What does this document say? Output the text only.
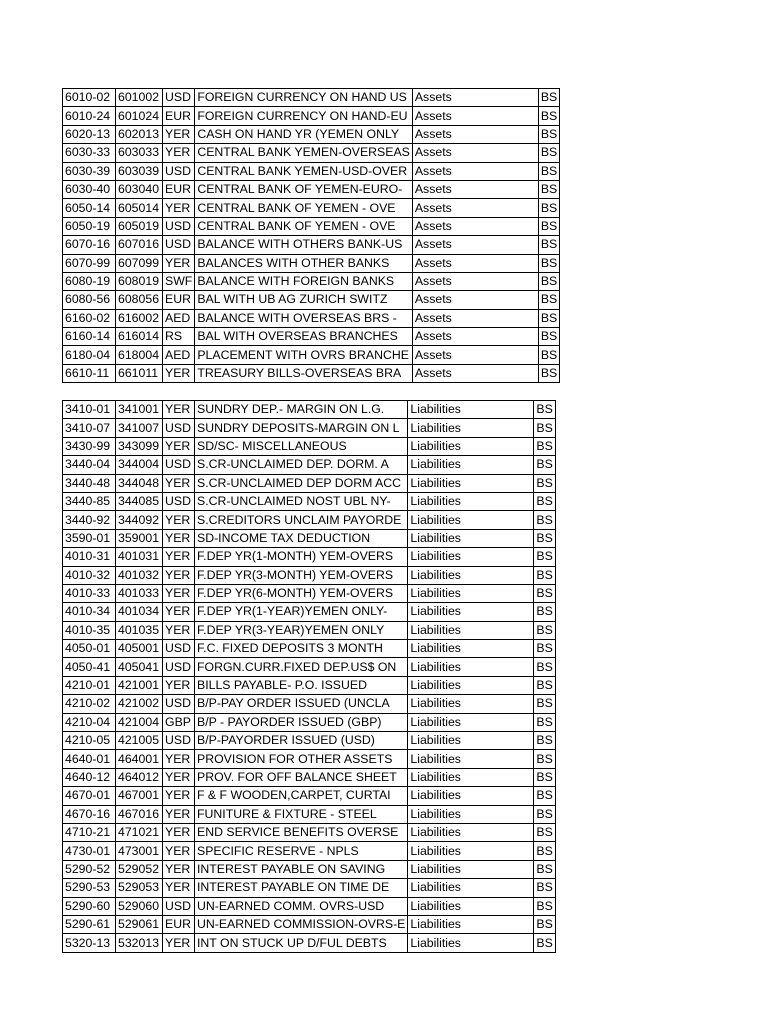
6010-02	601002	USD	FOREIGN CURRENCY ON HAND US	Assets	BS
6010-24	601024	EUR	FOREIGN CURRENCY ON HAND-EU	Assets	BS
6020-13	602013	YER	CASH ON HAND YR (YEMEN ONLY	Assets	BS
6030-33	603033	YER	CENTRAL BANK YEMEN-OVERSEAS	Assets	BS
6030-39	603039	USD	CENTRAL BANK YEMEN-USD-OVER	Assets	BS
6030-40	603040	EUR	CENTRAL BANK OF YEMEN-EURO-	Assets	BS
6050-14	605014	YER	CENTRAL BANK OF YEMEN - OVE	Assets	BS
6050-19	605019	USD	CENTRAL BANK OF YEMEN - OVE	Assets	BS
6070-16	607016	USD	BALANCE WITH OTHERS BANK-US	Assets	BS
6070-99	607099	YER	BALANCES WITH OTHER BANKS	Assets	BS
6080-19	608019	SWF	BALANCE WITH FOREIGN BANKS	Assets	BS
6080-56	608056	EUR	BAL WITH UB AG ZURICH SWITZ	Assets	BS
6160-02	616002	AED	BALANCE WITH OVERSEAS BRS -	Assets	BS
6160-14	616014	RS	BAL WITH OVERSEAS BRANCHES	Assets	BS
6180-04	618004	AED	PLACEMENT WITH OVRS BRANCHE	Assets	BS
6610-11	661011	YER	TREASURY BILLS-OVERSEAS BRA	Assets	BS
3410-01	341001	YER	SUNDRY DEP.- MARGIN ON L.G.	Liabilities	BS
3410-07	341007	USD	SUNDRY DEPOSITS-MARGIN ON L	Liabilities	BS
3430-99	343099	YER	SD/SC- MISCELLANEOUS	Liabilities	BS
3440-04	344004	USD	S.CR-UNCLAIMED DEP. DORM. A	Liabilities	BS
3440-48	344048	YER	S.CR-UNCLAIMED DEP DORM ACC	Liabilities	BS
3440-85	344085	USD	S.CR-UNCLAIMED NOST UBL NY-	Liabilities	BS
3440-92	344092	YER	S.CREDITORS UNCLAIM PAYORDE	Liabilities	BS
3590-01	359001	YER	SD-INCOME TAX DEDUCTION	Liabilities	BS
4010-31	401031	YER	F.DEP YR(1-MONTH) YEM-OVERS	Liabilities	BS
4010-32	401032	YER	F.DEP YR(3-MONTH) YEM-OVERS	Liabilities	BS
4010-33	401033	YER	F.DEP YR(6-MONTH) YEM-OVERS	Liabilities	BS
4010-34	401034	YER	F.DEP YR(1-YEAR)YEMEN ONLY-	Liabilities	BS
4010-35	401035	YER	F.DEP YR(3-YEAR)YEMEN ONLY	Liabilities	BS
4050-01	405001	USD	F.C. FIXED DEPOSITS 3 MONTH	Liabilities	BS
4050-41	405041	USD	FORGN.CURR.FIXED DEP.US$ ON	Liabilities	BS
4210-01	421001	YER	BILLS PAYABLE- P.O. ISSUED	Liabilities	BS
4210-02	421002	USD	B/P-PAY ORDER ISSUED (UNCLA	Liabilities	BS
4210-04	421004	GBP	B/P - PAYORDER ISSUED (GBP)	Liabilities	BS
4210-05	421005	USD	B/P-PAYORDER ISSUED (USD)	Liabilities	BS
4640-01	464001	YER	PROVISION FOR OTHER ASSETS	Liabilities	BS
4640-12	464012	YER	PROV. FOR OFF BALANCE SHEET	Liabilities	BS
4670-01	467001	YER	F & F WOODEN,CARPET, CURTAI	Liabilities	BS
4670-16	467016	YER	FUNITURE & FIXTURE - STEEL	Liabilities	BS
4710-21	471021	YER	END SERVICE BENEFITS OVERSE	Liabilities	BS
4730-01	473001	YER	SPECIFIC RESERVE - NPLS	Liabilities	BS
5290-52	529052	YER	INTEREST PAYABLE ON SAVING	Liabilities	BS
5290-53	529053	YER	INTEREST PAYABLE ON TIME DE	Liabilities	BS
5290-60	529060	USD	UN-EARNED COMM. OVRS-USD	Liabilities	BS
5290-61	529061	EUR	UN-EARNED COMMISSION-OVRS-E	Liabilities	BS
5320-13	532013	YER	INT ON STUCK UP D/FUL DEBTS	Liabilities	BS
